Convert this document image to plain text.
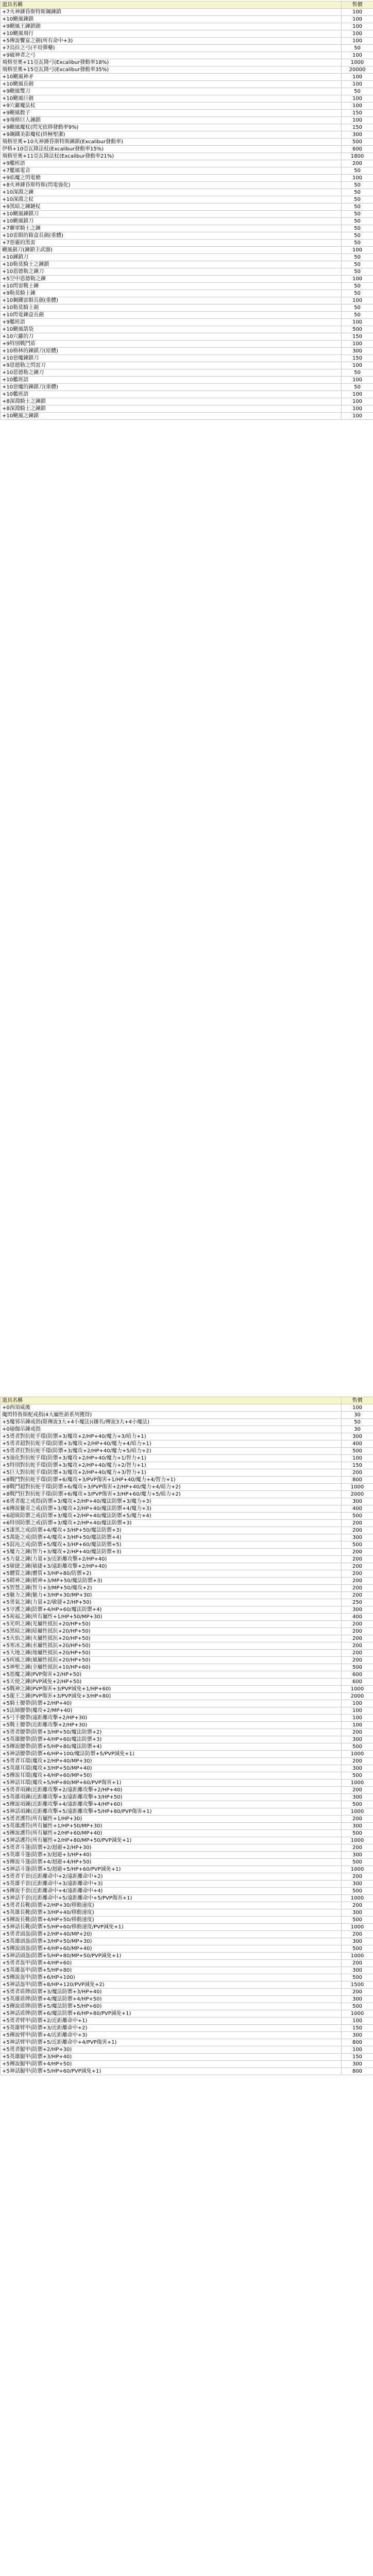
道具名稱	售價
+7火神錘昏斯特斯鋼鍊鎖	100
+10颶風鍊鎖	100
+9颶風王鍊鎖劍	100
+10颶風飛行	100
+5傳說饗宴之劍(所有命中+3)	100
+7烏拉之弓(不用彈藥)	50
+9破神者之弓	100
飛格里奧+11亞瓦隆弓(Excalibur發動率18%)	1000
飛格里奧+15亞瓦隆弓(Excalibur發動率35%)	20000
+10颶風神矛	100
+10颶風長劍	100
+9颶風雙刀	50
+10颶風巨劍	100
+9穴蘿魔法杖	100
+9颶風骰子	150
+9飛格巨人鍊鎖	100
+9颶風魔杖(閃光依移發動率9%)	150
+9鋼鐵美影魔杖(終極聖潔)	300
飛格里奧+10火神錘昏斯特斯鍊鎖(Excalibur發動率)	500
伊格+10亞瓦隆法杖(Excalibur發動率15%)	600
飛格里奧+11亞瓦隆法杖(Excalibur發動率21%)	1800
+9艦班語	200
+7艦風電音	50
+9焰魔之閃電槍	100
+8火神錘昏斯特斯(閃電強化)	50
+10深淵之鍊	50
+10深淵之杖	50
+9黑暗之鍊鏈杖	50
+10颶風鍊鎖刀	50
+10颶風鎖刀	50
+7聯軍騎士之鍊	50
+10雷隕的箱盒長劍(重體)	50
+7惡靈的黑雷	50
颶風劍刀(鍊鎖主武器)	100
+10鍊鎖刀	50
+10勒莫騎士之鍊鎖	50
+10恩德勒之鍊刀	50
+5空中恩德勒之鍊	100
+10閃雷戰士鍊	50
+9勒莫騎士鍊	50
+10鋼鐵雷隕長劍(重體)	100
+10勒莫騎士劍	50
+10閃電鍊盒長劍	50
+9艦班語	100
+10颶風箭袋	500
+10穴蘿的刀	150
+9特別戰鬥盾	100
+10格林的鍊鎖刀(原體)	300
+10惡魔鍊鎖刀	150
+9恩德勒之閃雷刀	100
+10恩德勒之鍊刀	50
+10艦班語	100
+10惡魔的鍊鎖刀(重體)	50
+10艦班語	100
+8深淵騎士之鍊鎖	100
+8深淵騎士之鍊鎖	100
+10颶風之鍊鎖	100
道具名稱	售價
+0西須咸後	100
魔閃特魯斯配戒指(4大屬性新系列獲得)	30
+5魔邪吊鍊戒指(限傳說3大+4小魔法)(鑲名/傳說3大+4小魔法)	50
+0瑜伽吊鍊戒指	30
+5勇者對抗蛇手環(防禦+3/魔攻+2/HP+40/魔力+3/暗力+1)	300
+5勇者超對抗蛇手環(防禦+3/魔攻+2/HP+40/魔力+4/暗力+1)	400
+5勇者狂對抗蛇手環(防禦+3/魔攻+2/HP+40/魔力+5/暗力+2)	500
+5強化對抗蛇手環(防禦+3/魔攻+2/HP+40/魔力+1/智力+1)	100
+5特別對抗蛇手環(防禦+3/魔攻+2/HP+40/魔力+2/智力+1)	150
+5巨大對抗蛇手環(防禦+3/魔攻+2/HP+40/魔力+3/智力+1)	200
+8戰鬥對抗蛇手環(防禦+6/魔攻+3/PVP傷害+1/HP+40/魔力+4/智力+1)	800
+8戰鬥超對抗蛇手環(防禦+6/魔攻+3/PVP傷害+2/HP+40/魔力+4/暗力+2)	1000
+8戰鬥狂對抗蛇手環(防禦+6/魔攻+3/PVP傷害+3/HP+60/魔力+5/暗力+2)	2000
+6勇者龍之戒指(防禦+3/魔攻+2/HP+40/魔法防禦+3/魔力+3)	300
+6傳說獵奇之戒(防禦+3/魔攻+2/HP+40/魔法防禦+4/魔力+3)	400
+6超級防禦之戒(防禦+3/魔攻+2/HP+40/魔法防禦+5/魔力+4)	500
+6特別防禦之戒(防禦+3/魔攻+2/HP+40/魔法防禦+3)	200
+5漆黑之戒(防禦+4/魔攻+3/HP+50/魔法防禦+3)	200
+5萬能之戒(防禦+4/魔攻+3/HP+50/魔法防禦+4)	300
+5混沌之戒(防禦+5/魔攻+3/HP+60/魔法防禦+5)	500
+5魔力之鍊(智力+3/魔攻+2/HP+40/魔法防禦+3)	200
+5力量之鍊(力量+3/近距離攻擊+2/HP+40)	200
+5敏捷之鍊(敏捷+3/遠距離攻擊+2/HP+40)	200
+5體質之鍊(體質+3/HP+80/防禦+2)	200
+5精神之鍊(精神+3/MP+50/魔法防禦+3)	200
+5智慧之鍊(智力+3/MP+50/魔攻+2)	200
+5魅力之鍊(魅力+3/HP+30/MP+30)	200
+5勇氣之鍊(力量+2/敏捷+2/HP+50)	250
+5守護之鍊(防禦+4/HP+60/魔法防禦+4)	300
+5祝福之鍊(所有屬性+1/HP+50/MP+30)	400
+5光明之鍊(光屬性抵抗+20/HP+50)	200
+5黑暗之鍊(暗屬性抵抗+20/HP+50)	200
+5火焰之鍊(火屬性抵抗+20/HP+50)	200
+5寒冰之鍊(水屬性抵抗+20/HP+50)	200
+5大地之鍊(地屬性抵抗+20/HP+50)	200
+5疾風之鍊(風屬性抵抗+20/HP+50)	200
+5神聖之鍊(全屬性抵抗+10/HP+60)	500
+5惡魔之鍊(PVP傷害+2/HP+50)	600
+5天使之鍊(PVP減免+2/HP+50)	600
+5戰神之鍊(PVP傷害+3/PVP減免+1/HP+60)	1000
+5龍王之鍊(PVP傷害+3/PVP減免+3/HP+80)	2000
+5騎士腰帶(防禦+2/HP+40)	100
+5法師腰帶(魔攻+2/MP+40)	100
+5弓手腰帶(遠距離攻擊+2/HP+30)	100
+5戰士腰帶(近距離攻擊+2/HP+30)	100
+5勇者腰帶(防禦+3/HP+50/魔法防禦+2)	200
+5英雄腰帶(防禦+4/HP+60/魔法防禦+3)	300
+5傳說腰帶(防禦+5/HP+80/魔法防禦+4)	500
+5神話腰帶(防禦+6/HP+100/魔法防禦+5/PVP減免+1)	1000
+5勇者耳環(魔攻+2/HP+40/MP+30)	200
+5英雄耳環(魔攻+3/HP+50/MP+40)	300
+5傳說耳環(魔攻+4/HP+60/MP+50)	500
+5神話耳環(魔攻+5/HP+80/MP+60/PVP傷害+1)	1000
+5勇者項鍊(近距離攻擊+2/遠距離攻擊+2/HP+40)	200
+5英雄項鍊(近距離攻擊+3/遠距離攻擊+3/HP+50)	300
+5傳說項鍊(近距離攻擊+4/遠距離攻擊+4/HP+60)	500
+5神話項鍊(近距離攻擊+5/遠距離攻擊+5/HP+80/PVP傷害+1)	1000
+5勇者護符(所有屬性+1/HP+30)	200
+5英雄護符(所有屬性+1/HP+50/MP+30)	300
+5傳說護符(所有屬性+2/HP+60/MP+40)	500
+5神話護符(所有屬性+2/HP+80/MP+50/PVP減免+1)	1000
+5勇者斗篷(防禦+2/迴避+2/HP+30)	200
+5英雄斗篷(防禦+3/迴避+3/HP+40)	300
+5傳說斗篷(防禦+4/迴避+4/HP+50)	500
+5神話斗篷(防禦+5/迴避+5/HP+60/PVP減免+1)	1000
+5勇者手套(近距離命中+2/遠距離命中+2)	200
+5英雄手套(近距離命中+3/遠距離命中+3)	300
+5傳說手套(近距離命中+4/遠距離命中+4)	500
+5神話手套(近距離命中+5/遠距離命中+5/PVP傷害+1)	1000
+5勇者長靴(防禦+2/HP+30/移動速度)	200
+5英雄長靴(防禦+3/HP+40/移動速度)	300
+5傳說長靴(防禦+4/HP+50/移動速度)	500
+5神話長靴(防禦+5/HP+60/移動速度/PVP減免+1)	1000
+5勇者頭盔(防禦+2/HP+40/MP+20)	200
+5英雄頭盔(防禦+3/HP+50/MP+30)	300
+5傳說頭盔(防禦+4/HP+60/MP+40)	500
+5神話頭盔(防禦+5/HP+80/MP+50/PVP減免+1)	1000
+5勇者盔甲(防禦+4/HP+60)	200
+5英雄盔甲(防禦+5/HP+80)	300
+5傳說盔甲(防禦+6/HP+100)	500
+5神話盔甲(防禦+8/HP+120/PVP減免+2)	1500
+5勇者盾牌(防禦+3/魔法防禦+3/HP+40)	200
+5英雄盾牌(防禦+4/魔法防禦+4/HP+50)	300
+5傳說盾牌(防禦+5/魔法防禦+5/HP+60)	500
+5神話盾牌(防禦+6/魔法防禦+6/HP+80/PVP減免+1)	1000
+5勇者臂甲(防禦+2/近距離命中+1)	100
+5英雄臂甲(防禦+3/近距離命中+2)	150
+5傳說臂甲(防禦+4/近距離命中+3)	300
+5神話臂甲(防禦+5/近距離命中+4/PVP傷害+1)	800
+5勇者腿甲(防禦+2/HP+30)	100
+5英雄腿甲(防禦+3/HP+40)	150
+5傳說腿甲(防禦+4/HP+50)	300
+5神話腿甲(防禦+5/HP+60/PVP減免+1)	800
